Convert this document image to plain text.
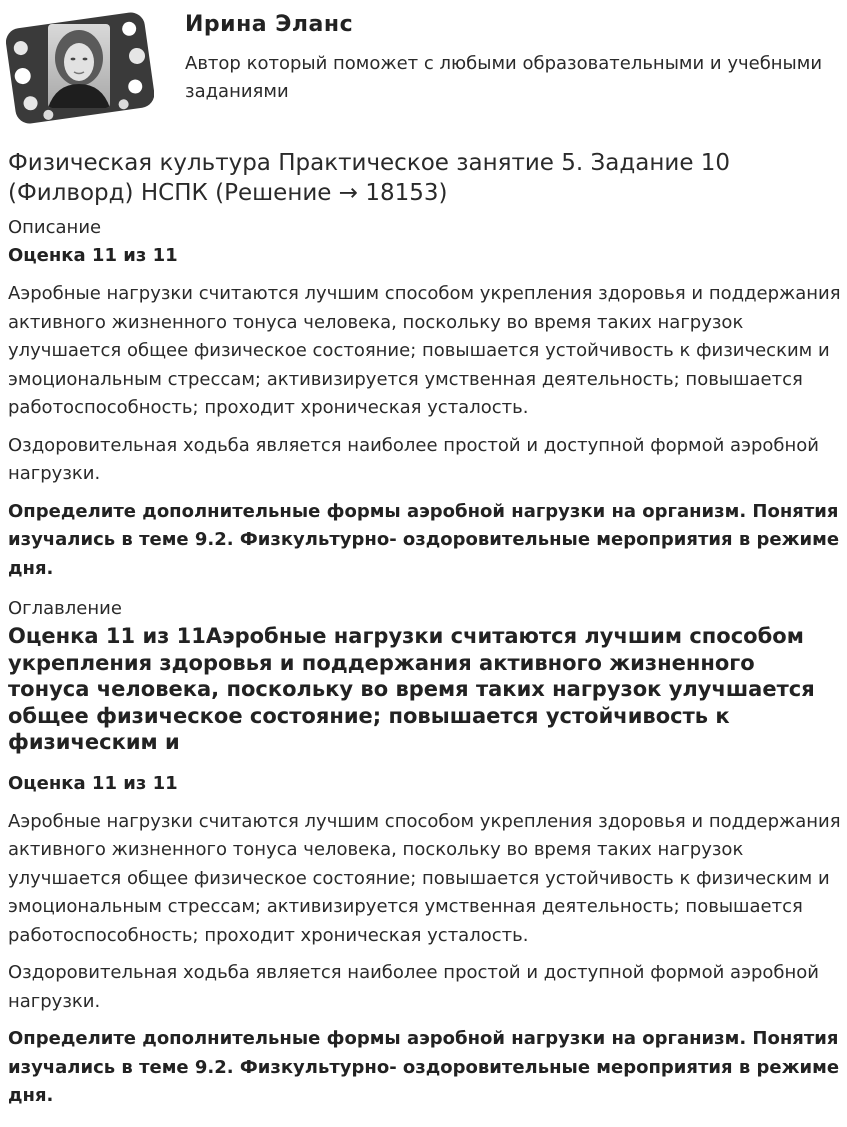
Ирина Эланс
Автор который поможет с любыми образовательными и учебными заданиями
Физическая культура Практическое занятие 5. Задание 10 (Филворд) НСПК (Решение → 18153)
Описание
Оценка 11 из 11

Аэробные нагрузки считаются лучшим способом укрепления здоровья и поддержания активного жизненного тонуса человека, поскольку во время таких нагрузок улучшается общее физическое состояние; повышается устойчивость к физическим и эмоциональным стрессам; активизируется умственная деятельность; повышается работоспособность; проходит хроническая усталость.

Оздоровительная ходьба является наиболее простой и доступной формой аэробной нагрузки.

Определите дополнительные формы аэробной нагрузки на организм. Понятия изучались в теме 9.2. Физкультурно- оздоровительные мероприятия в режиме дня.

Оглавление
Оценка 11 из 11Аэробные нагрузки считаются лучшим способом укрепления здоровья и поддержания активного жизненного тонуса человека, поскольку во время таких нагрузок улучшается общее физическое состояние; повышается устойчивость к физическим и
Оценка 11 из 11

Аэробные нагрузки считаются лучшим способом укрепления здоровья и поддержания активного жизненного тонуса человека, поскольку во время таких нагрузок улучшается общее физическое состояние; повышается устойчивость к физическим и эмоциональным стрессам; активизируется умственная деятельность; повышается работоспособность; проходит хроническая усталость.

Оздоровительная ходьба является наиболее простой и доступной формой аэробной нагрузки.

Определите дополнительные формы аэробной нагрузки на организм. Понятия изучались в теме 9.2. Физкультурно- оздоровительные мероприятия в режиме дня.
